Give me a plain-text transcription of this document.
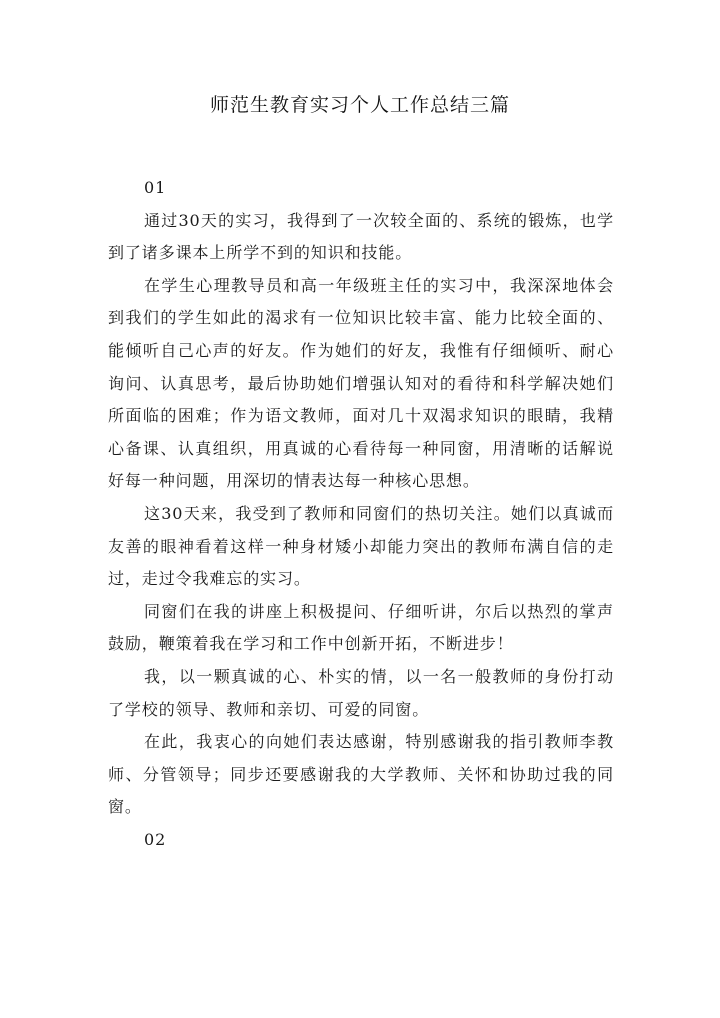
师范生教育实习个人工作总结三篇

01

通过30天的实习，我得到了一次较全面的、系统的锻炼，也学到了诸多课本上所学不到的知识和技能。

在学生心理教导员和高一年级班主任的实习中，我深深地体会到我们的学生如此的渴求有一位知识比较丰富、能力比较全面的、能倾听自己心声的好友。作为她们的好友，我惟有仔细倾听、耐心询问、认真思考，最后协助她们增强认知对的看待和科学解决她们所面临的困难；作为语文教师，面对几十双渴求知识的眼睛，我精心备课、认真组织，用真诚的心看待每一种同窗，用清晰的话解说好每一种问题，用深切的情表达每一种核心思想。

这30天来，我受到了教师和同窗们的热切关注。她们以真诚而友善的眼神看着这样一种身材矮小却能力突出的教师布满自信的走过，走过令我难忘的实习。

同窗们在我的讲座上积极提问、仔细听讲，尔后以热烈的掌声鼓励，鞭策着我在学习和工作中创新开拓，不断进步！

我，以一颗真诚的心、朴实的情，以一名一般教师的身份打动了学校的领导、教师和亲切、可爱的同窗。

在此，我衷心的向她们表达感谢，特别感谢我的指引教师李教师、分管领导；同步还要感谢我的大学教师、关怀和协助过我的同窗。

02
